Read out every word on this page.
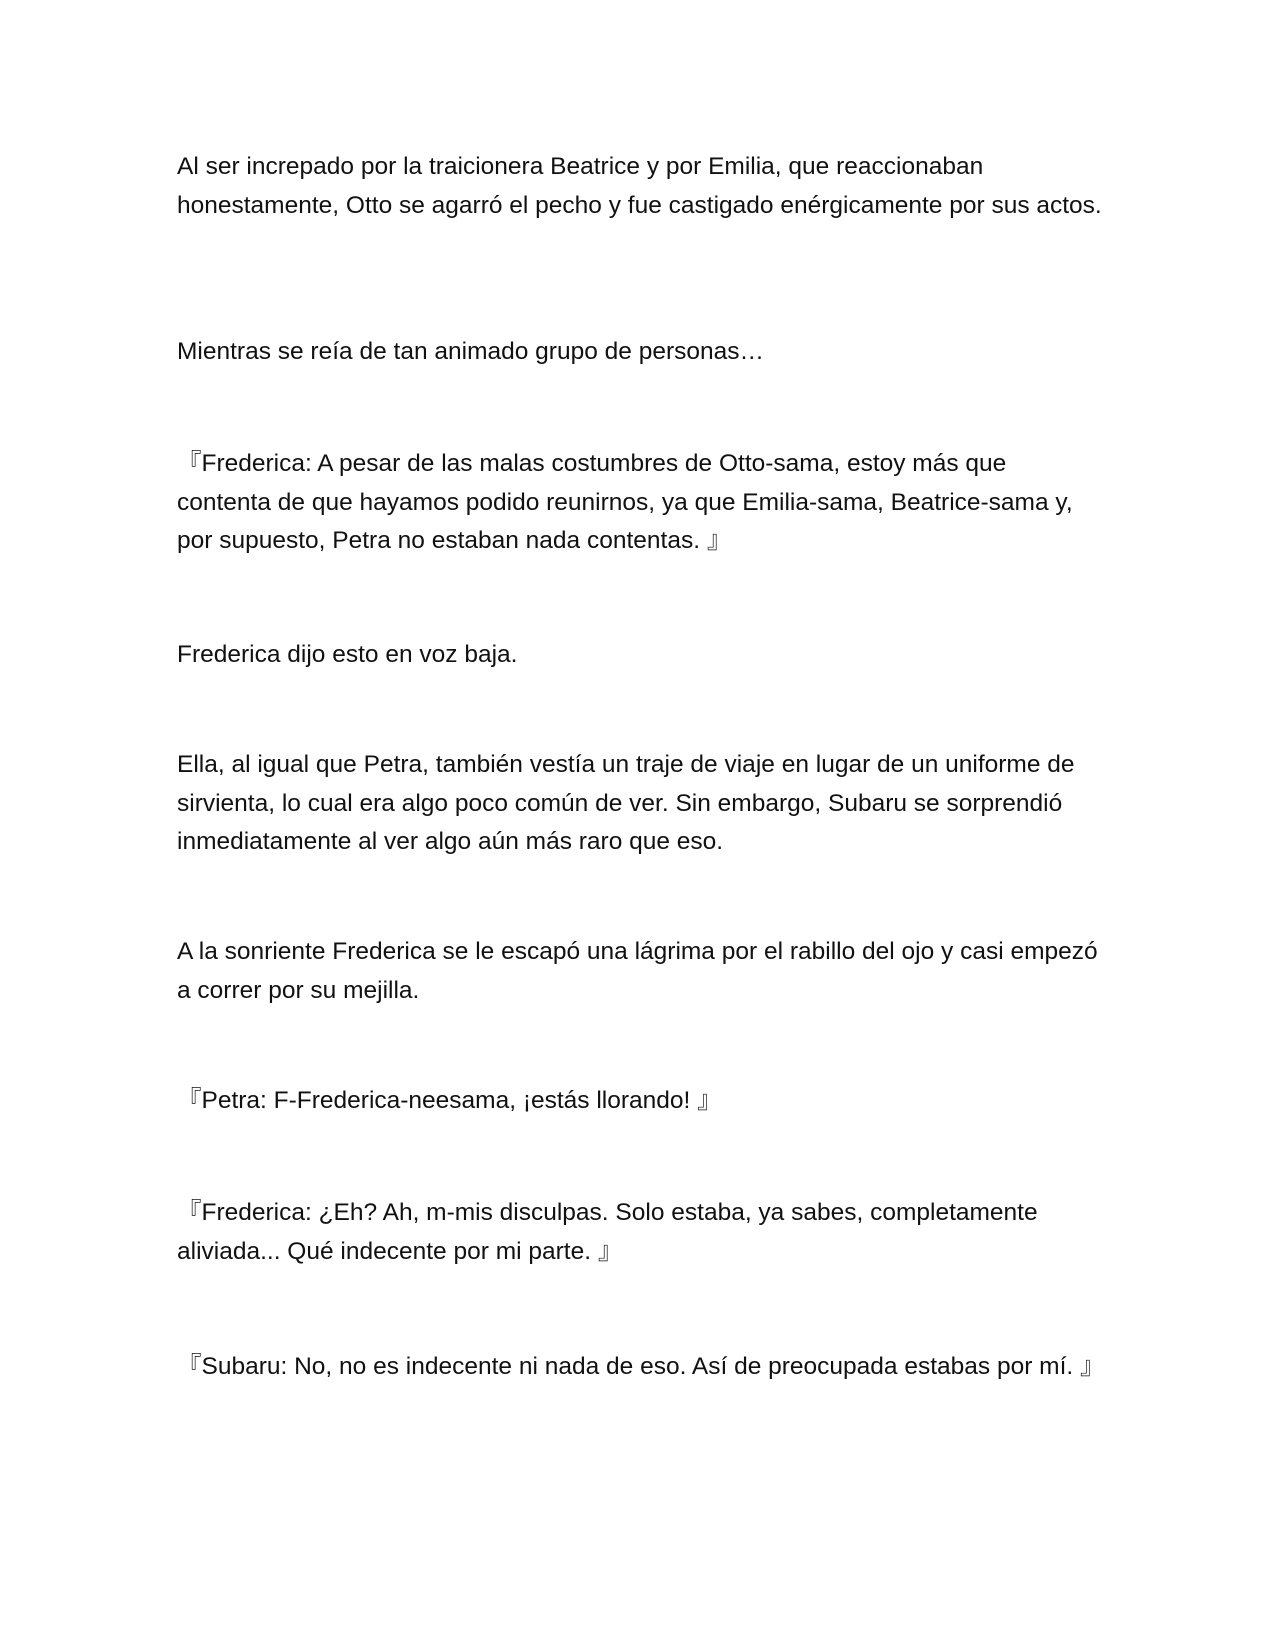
Al ser increpado por la traicionera Beatrice y por Emilia, que reaccionaban honestamente, Otto se agarró el pecho y fue castigado enérgicamente por sus actos.

Mientras se reía de tan animado grupo de personas…

『Frederica: A pesar de las malas costumbres de Otto-sama, estoy más que contenta de que hayamos podido reunirnos, ya que Emilia-sama, Beatrice-sama y, por supuesto, Petra no estaban nada contentas. 』

Frederica dijo esto en voz baja.

Ella, al igual que Petra, también vestía un traje de viaje en lugar de un uniforme de sirvienta, lo cual era algo poco común de ver. Sin embargo, Subaru se sorprendió inmediatamente al ver algo aún más raro que eso.

A la sonriente Frederica se le escapó una lágrima por el rabillo del ojo y casi empezó a correr por su mejilla.

『Petra: F-Frederica-neesama, ¡estás llorando! 』

『Frederica: ¿Eh? Ah, m-mis disculpas. Solo estaba, ya sabes, completamente aliviada... Qué indecente por mi parte. 』

『Subaru: No, no es indecente ni nada de eso. Así de preocupada estabas por mí. 』
